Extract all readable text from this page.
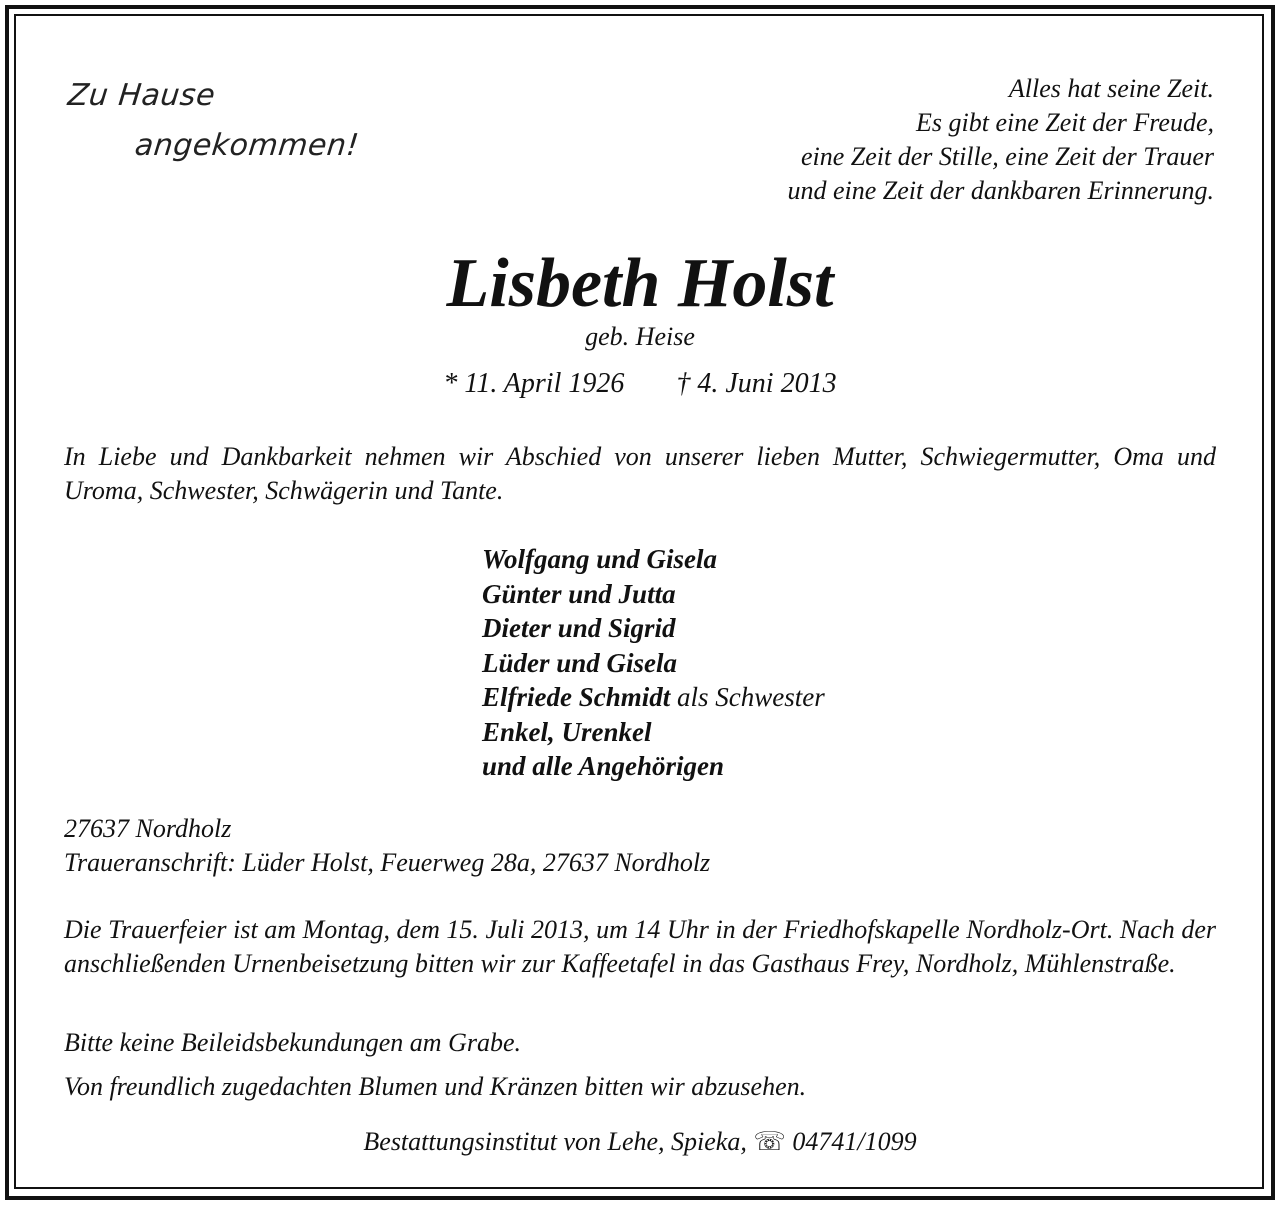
Zu Hause
angekommen!
Alles hat seine Zeit.
Es gibt eine Zeit der Freude,
eine Zeit der Stille, eine Zeit der Trauer
und eine Zeit der dankbaren Erinnerung.
Lisbeth Holst
geb. Heise
* 11. April 1926 † 4. Juni 2013
In Liebe und Dankbarkeit nehmen wir Abschied von unserer lieben Mutter, Schwiegermutter, Oma und Uroma, Schwester, Schwägerin und Tante.
Wolfgang und Gisela
Günter und Jutta
Dieter und Sigrid
Lüder und Gisela
Elfriede Schmidt als Schwester
Enkel, Urenkel
und alle Angehörigen
27637 Nordholz
Traueranschrift: Lüder Holst, Feuerweg 28a, 27637 Nordholz
Die Trauerfeier ist am Montag, dem 15. Juli 2013, um 14 Uhr in der Friedhofskapelle Nordholz-Ort. Nach der anschließenden Urnenbeisetzung bitten wir zur Kaffeetafel in das Gasthaus Frey, Nordholz, Mühlenstraße.
Bitte keine Beileidsbekundungen am Grabe.
Von freundlich zugedachten Blumen und Kränzen bitten wir abzusehen.
Bestattungsinstitut von Lehe, Spieka, ☏ 04741/1099
